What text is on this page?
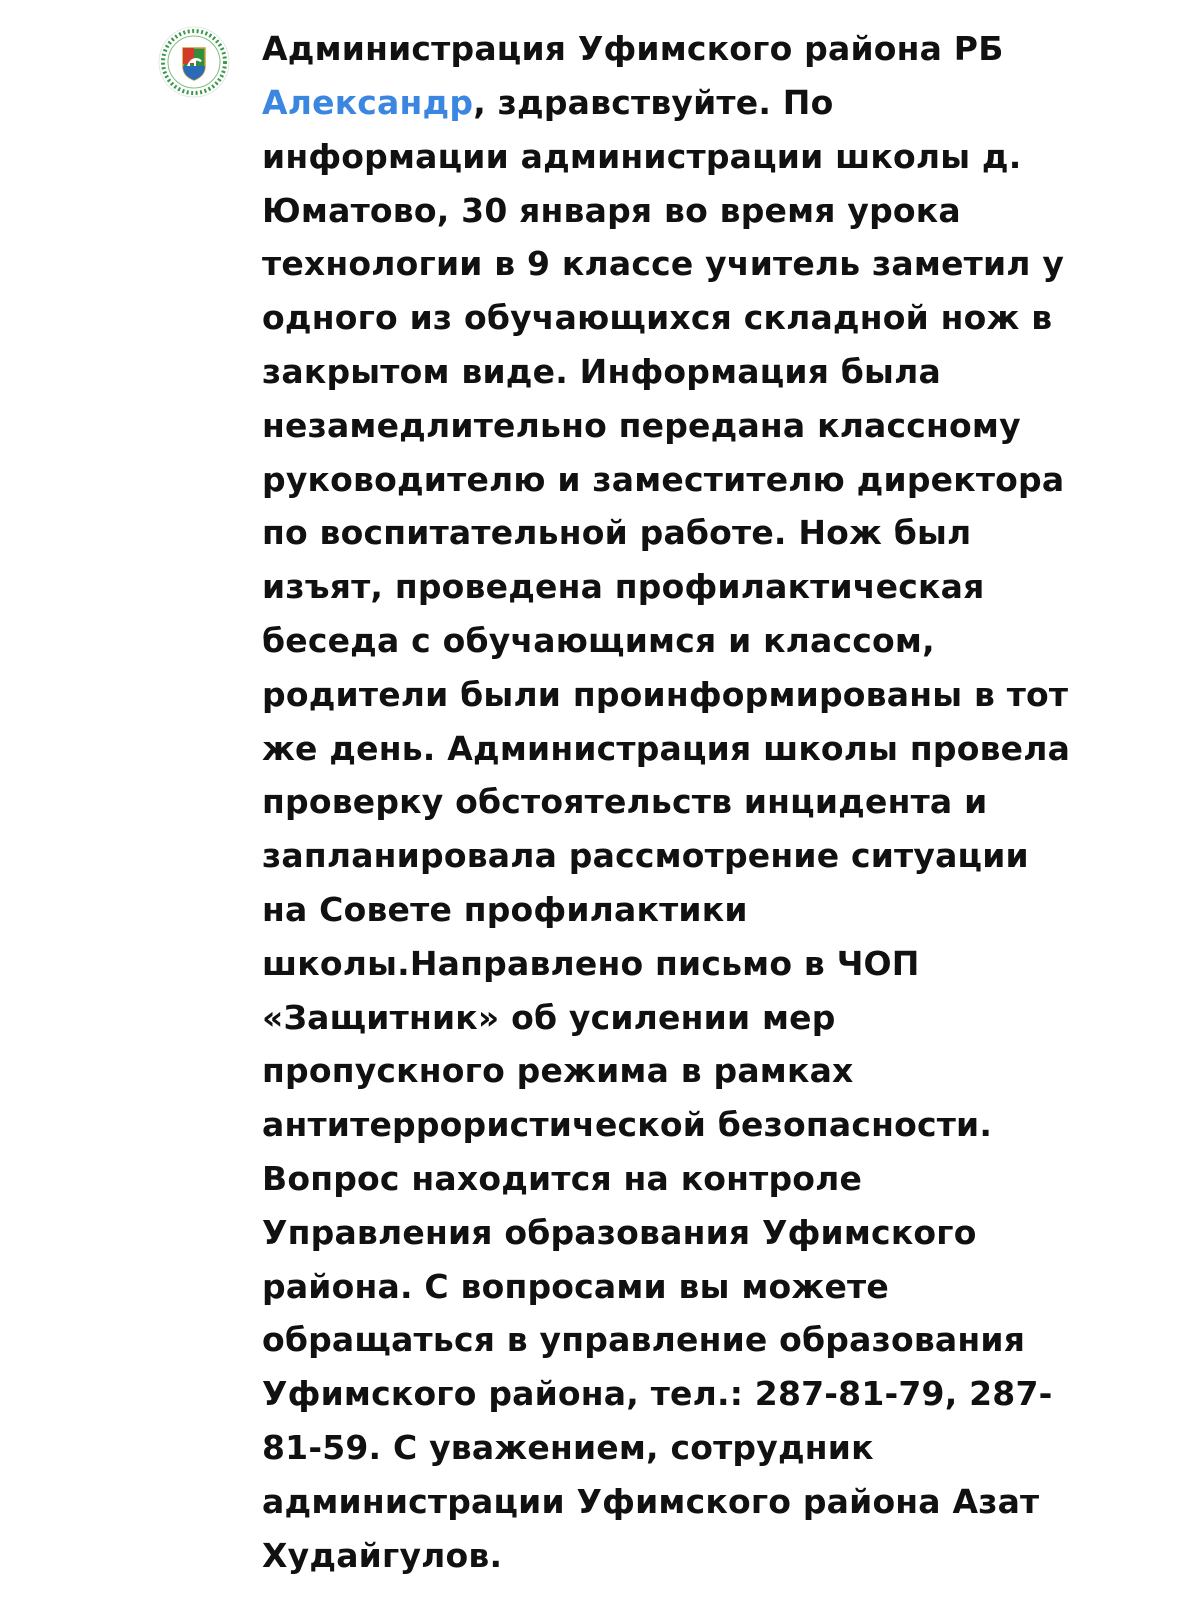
Администрация Уфимского района РБ
Александр, здравствуйте. По
информации администрации школы д.
Юматово, 30 января во время урока
технологии в 9 классе учитель заметил у
одного из обучающихся складной нож в
закрытом виде. Информация была
незамедлительно передана классному
руководителю и заместителю директора
по воспитательной работе. Нож был
изъят, проведена профилактическая
беседа с обучающимся и классом,
родители были проинформированы в тот
же день. Администрация школы провела
проверку обстоятельств инцидента и
запланировала рассмотрение ситуации
на Совете профилактики
школы.Направлено письмо в ЧОП
«Защитник» об усилении мер
пропускного режима в рамках
антитеррористической безопасности.
Вопрос находится на контроле
Управления образования Уфимского
района. С вопросами вы можете
обращаться в управление образования
Уфимского района, тел.: 287-81-79, 287-
81-59. С уважением, сотрудник
администрации Уфимского района Азат
Худайгулов.
